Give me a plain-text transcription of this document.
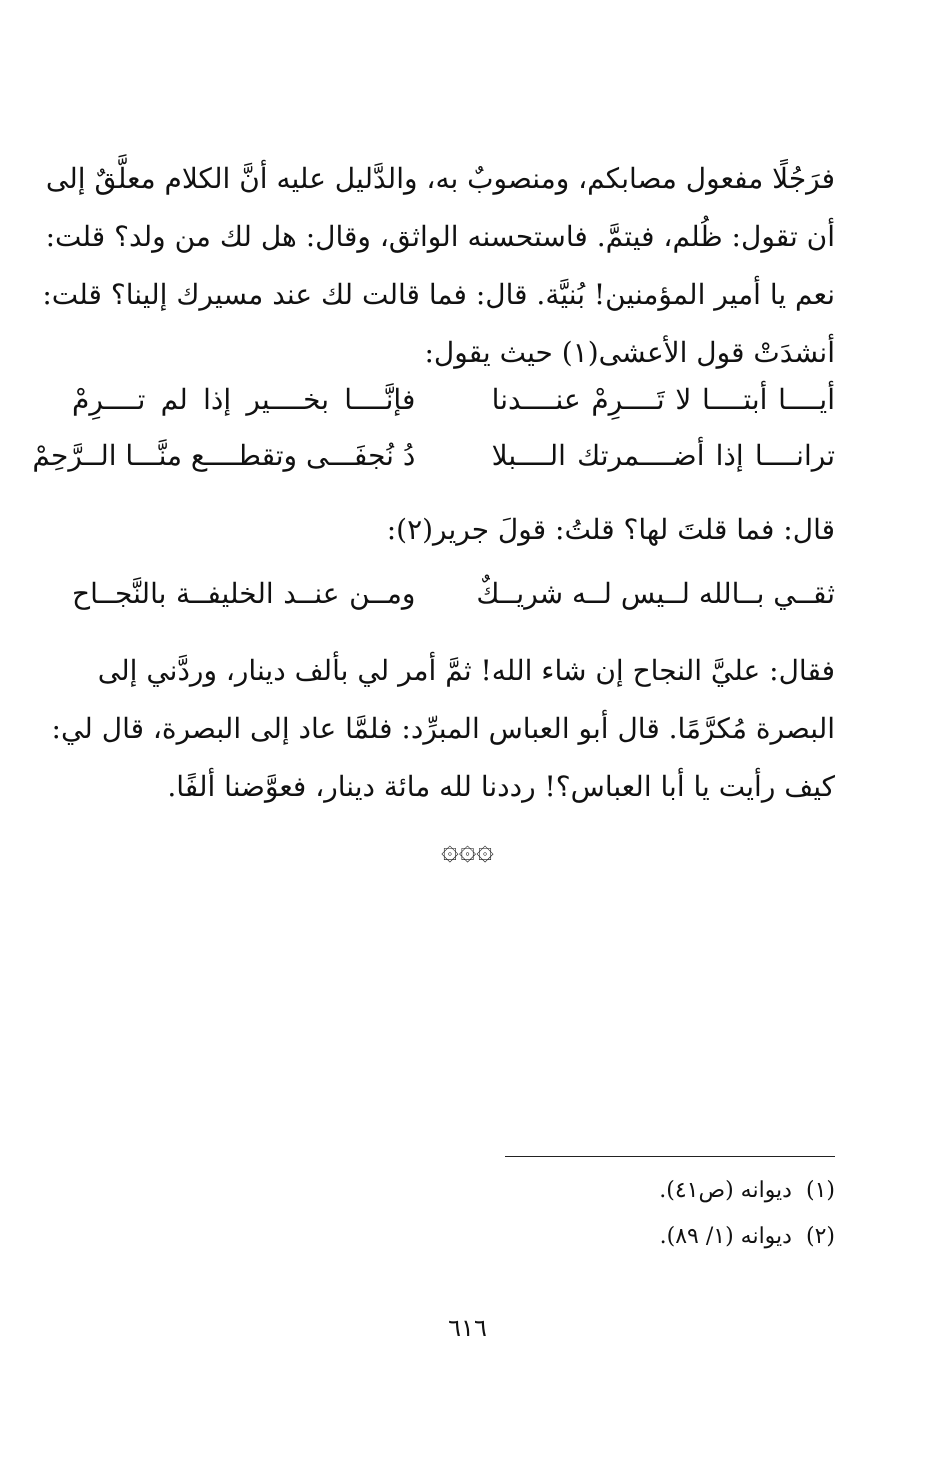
فرَجُلًا مفعول مصابكم، ومنصوبٌ به، والدَّليل عليه أنَّ الكلام معلَّقٌ إلى
أن تقول: ظُلم، فيتمَّ. فاستحسنه الواثق، وقال: هل لك من ولد؟ قلت:
نعم يا أمير المؤمنين! بُنيَّة. قال: فما قالت لك عند مسيرك إلينا؟ قلت:
أنشدَتْ قول الأعشى(١) حيث يقول:
أيــــا أبتــــا لا تَــــرِمْ عنــــدنا
فإنَّــــا بخــــير إذا لم تــــرِمْ
ترانــــا إذا أضــــمرتك الــــبلا
دُ نُجفَـــى وتقطــــع منَّـــا الــرَّحِمْ
قال: فما قلتَ لها؟ قلتُ: قولَ جرير(٢):
ثقــي بــالله لــيس لــه شريــكٌ
ومــن عنــد الخليفــة بالنَّجــاح
فقال: عليَّ النجاح إن شاء الله! ثمَّ أمر لي بألف دينار، وردَّني إلى
البصرة مُكرَّمًا. قال أبو العباس المبرِّد: فلمَّا عاد إلى البصرة، قال لي:
كيف رأيت يا أبا العباس؟! رددنا لله مائة دينار، فعوَّضنا ألفًا.
۞۞۞
(١)ديوانه (ص٤١).
(٢)ديوانه (١/ ٨٩).
٦١٦
